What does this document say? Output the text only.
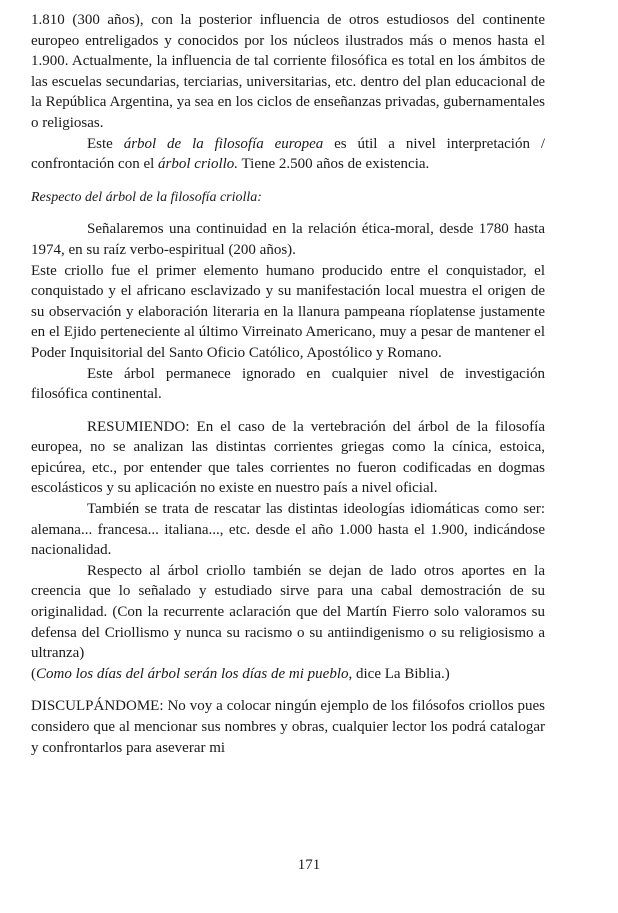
1.810 (300 años), con la posterior influencia de otros estudiosos del continente europeo entreligados y conocidos por los núcleos ilustrados más o menos hasta el 1.900. Actualmente, la influencia de tal corriente filosófica es total en los ámbitos de las escuelas secundarias, terciarias, universitarias, etc. dentro del plan educacional de la República Argentina, ya sea en los ciclos de enseñanzas privadas, gubernamentales o religiosas.

Este árbol de la filosofía europea es útil a nivel interpretación / confrontación con el árbol criollo. Tiene 2.500 años de existencia.

Respecto del árbol de la filosofía criolla:

Señalaremos una continuidad en la relación ética-moral, desde 1780 hasta 1974, en su raíz verbo-espiritual (200 años).

Este criollo fue el primer elemento humano producido entre el conquistador, el conquistado y el africano esclavizado y su manifestación local muestra el origen de su observación y elaboración literaria en la llanura pampeana ríoplatense justamente en el Ejido perteneciente al último Virreinato Americano, muy a pesar de mantener el Poder Inquisitorial del Santo Oficio Católico, Apostólico y Romano.

Este árbol permanece ignorado en cualquier nivel de investigación filosófica continental.

RESUMIENDO: En el caso de la vertebración del árbol de la filosofía europea, no se analizan las distintas corrientes griegas como la cínica, estoica, epicúrea, etc., por entender que tales corrientes no fueron codificadas en dogmas escolásticos y su aplicación no existe en nuestro país a nivel oficial.

También se trata de rescatar las distintas ideologías idiomáticas como ser: alemana... francesa... italiana..., etc. desde el año 1.000 hasta el 1.900, indicándose nacionalidad.

Respecto al árbol criollo también se dejan de lado otros aportes en la creencia que lo señalado y estudiado sirve para una cabal demostración de su originalidad. (Con la recurrente aclaración que del Martín Fierro solo valoramos su defensa del Criollismo y nunca su racismo o su antiindigenismo o su religiosismo a ultranza)

(Como los días del árbol serán los días de mi pueblo, dice La Biblia.)

DISCULPÁNDOME: No voy a colocar ningún ejemplo de los filósofos criollos pues considero que al mencionar sus nombres y obras, cualquier lector los podrá catalogar y confrontarlos para aseverar mi

171
